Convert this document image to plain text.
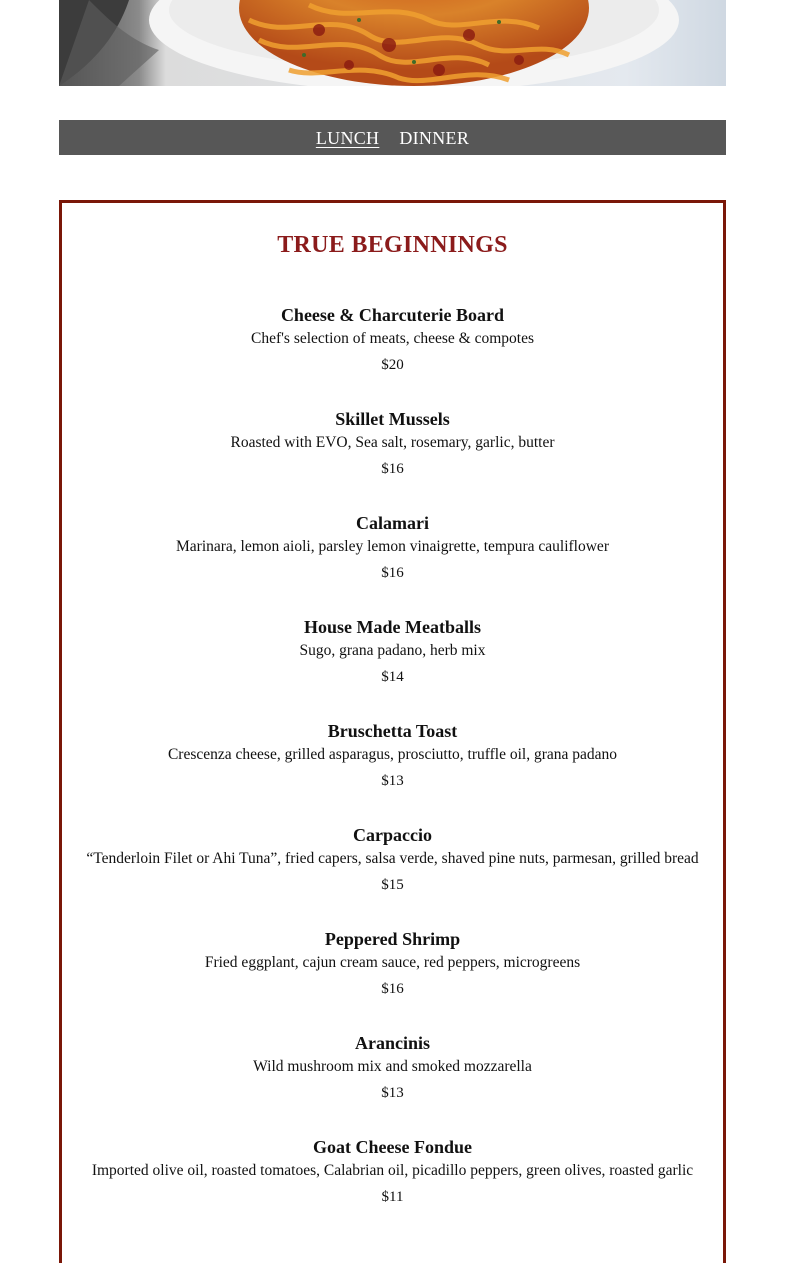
LUNCH DINNER
TRUE BEGINNINGS

Cheese & Charcuterie Board

Chef's selection of meats, cheese & compotes

$20

Skillet Mussels

Roasted with EVO, Sea salt, rosemary, garlic, butter

$16

Calamari

Marinara, lemon aioli, parsley lemon vinaigrette, tempura cauliflower

$16

House Made Meatballs

Sugo, grana padano, herb mix

$14

Bruschetta Toast

Crescenza cheese, grilled asparagus, prosciutto, truffle oil, grana padano

$13

Carpaccio

“Tenderloin Filet or Ahi Tuna”, fried capers, salsa verde, shaved pine nuts, parmesan, grilled bread

$15

Peppered Shrimp

Fried eggplant, cajun cream sauce, red peppers, microgreens

$16

Arancinis

Wild mushroom mix and smoked mozzarella

$13

Goat Cheese Fondue

Imported olive oil, roasted tomatoes, Calabrian oil, picadillo peppers, green olives, roasted garlic

$11
